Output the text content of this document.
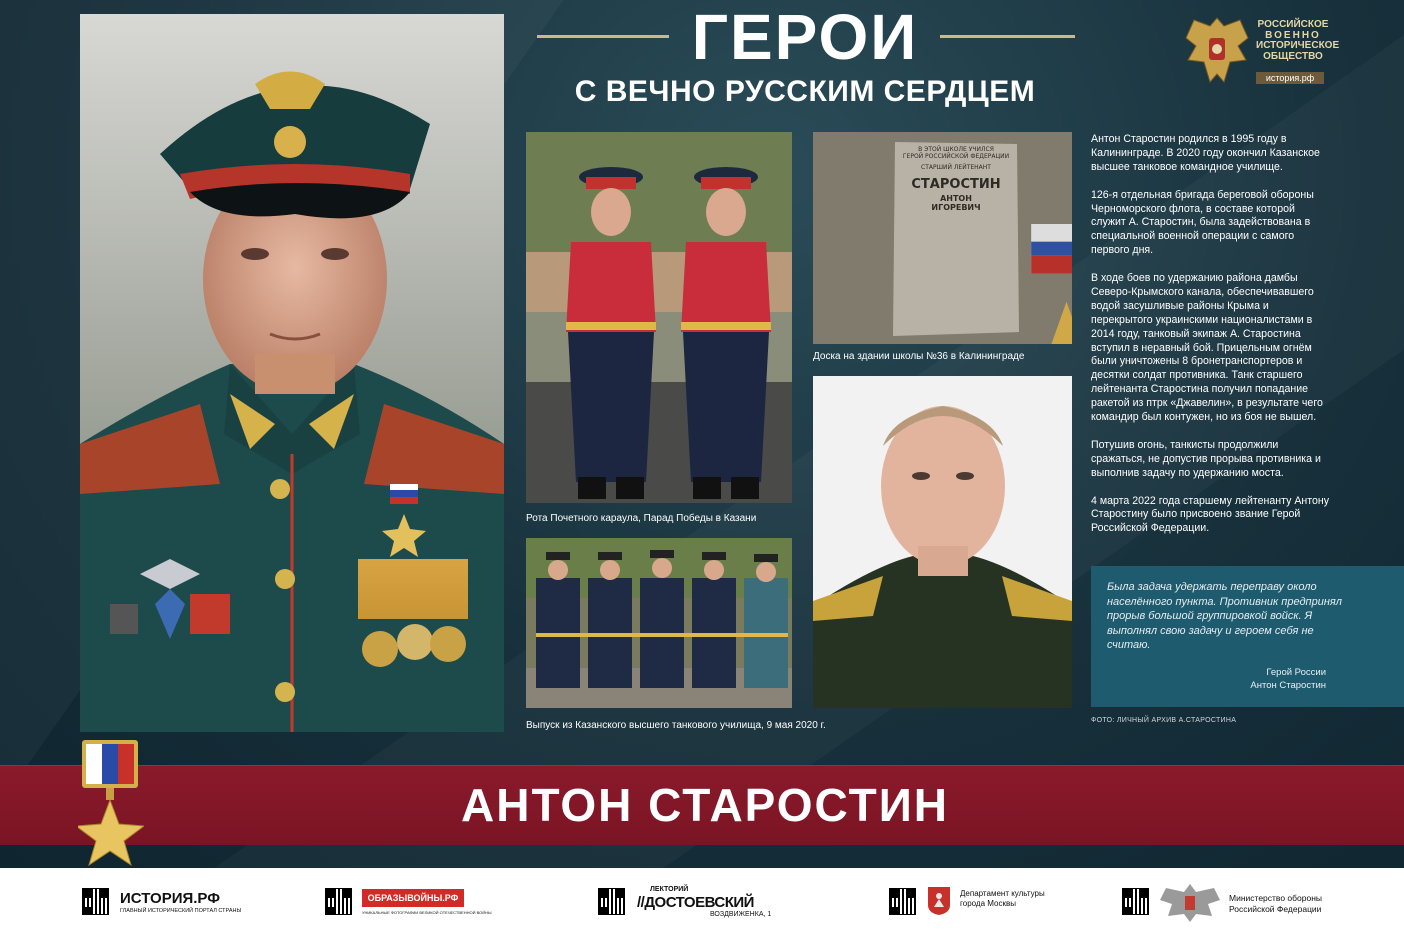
ГЕРОИ
С ВЕЧНО РУССКИМ СЕРДЦЕМ
РОССИЙСКОЕ
ВОЕННО
ИСТОРИЧЕСКОЕ
ОБЩЕСТВО
история.рф
Рота Почетного караула, Парад Победы в Казани
В ЭТОЙ ШКОЛЕ УЧИЛСЯ
ГЕРОЙ РОССИЙСКОЙ ФЕДЕРАЦИИ
СТАРШИЙ ЛЕЙТЕНАНТ
СТАРОСТИН
АНТОН
ИГОРЕВИЧ
Доска на здании школы №36 в Калининграде
Выпуск из Казанского высшего танкового училища, 9 мая 2020 г.

Антон Старостин родился в 1995 году в Калининграде. В 2020 году окончил Казанское высшее танковое командное училище.

126-я отдельная бригада береговой обороны Черноморского флота, в составе которой служит А. Старостин, была задействована в специальной военной операции с самого первого дня.

В ходе боев по удержанию района дамбы Северо-Крымского канала, обеспечивавшего водой засушливые районы Крыма и перекрытого украинскими националистами в 2014 году, танковый экипаж А. Старостина вступил в неравный бой. Прицельным огнём были уничтожены 8 бронетранспортеров и десятки солдат противника. Танк старшего лейтенанта Старостина получил попадание ракетой из птрк «Джавелин», в результате чего командир был контужен, но из боя не вышел.

Потушив огонь, танкисты продолжили сражаться, не допустив прорыва противника и выполнив задачу по удержанию моста.

4 марта 2022 года старшему лейтенанту Антону Старостину было присвоено звание Герой Российской Федерации.

Была задача удержать переправу около населённого пункта. Противник предпринял прорыв большой группировкой войск. Я выполнял свою задачу и героем себя не считаю.
Герой России
Антон Старостин
ФОТО: ЛИЧНЫЙ АРХИВ А.СТАРОСТИНА
АНТОН СТАРОСТИН
ИСТОРИЯ.РФ
ГЛАВНЫЙ ИСТОРИЧЕСКИЙ ПОРТАЛ СТРАНЫ
ОБРАЗЫВОЙНЫ.РФ
УНИКАЛЬНЫЕ ФОТОГРАФИИ ВЕЛИКОЙ ОТЕЧЕСТВЕННОЙ ВОЙНЫ
ЛЕКТОРИЙ
//ДОСТОЕВСКИЙ
ВОЗДВИЖЕНКА, 1
Департамент культуры
города Москвы
Министерство обороны
Российской Федерации
